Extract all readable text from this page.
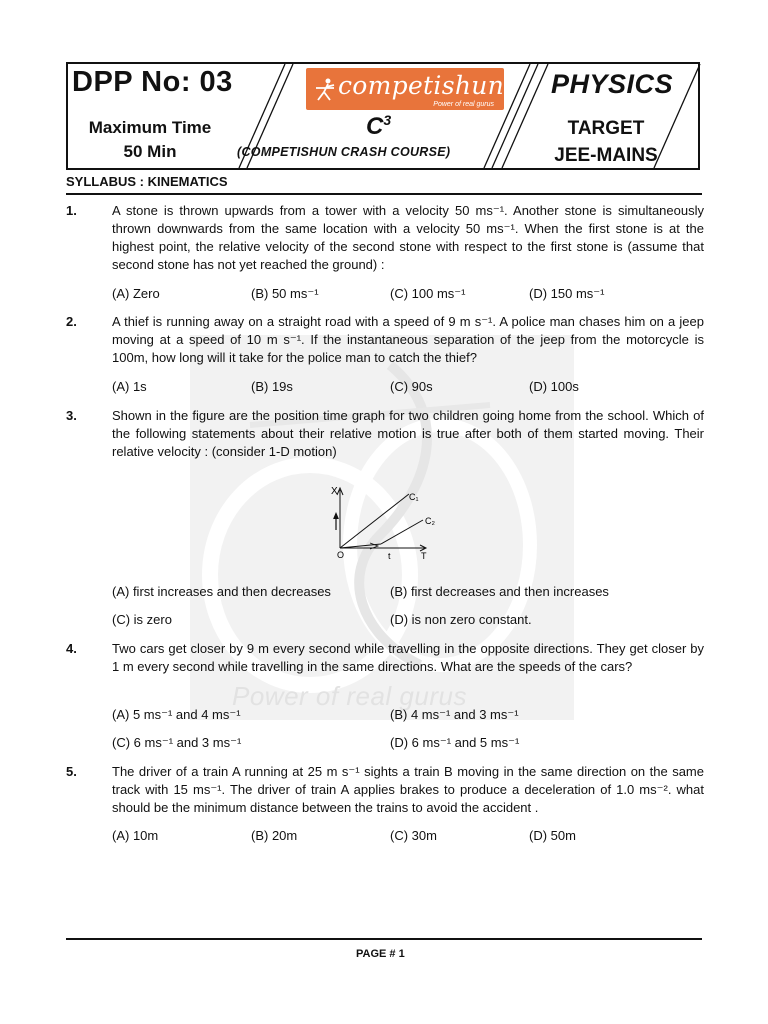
Power of real gurus
DPP No: 03
Maximum Time
50 Min
competishun
Power of real gurus
$C^3$
(COMPETISHUN CRASH COURSE)
PHYSICS
TARGET
JEE-MAINS
SYLLABUS : KINEMATICS
1.	A stone is thrown upwards from a tower with a velocity 50 ms⁻¹. Another stone is simultaneously thrown downwards from the same location with a velocity 50 ms⁻¹. When the first stone is at the highest point, the relative velocity of the second stone with respect to the first stone is (assume that second stone has not yet reached the ground) :
(A) Zero	(B) 50 ms⁻¹	(C) 100 ms⁻¹	(D) 150 ms⁻¹
2.	A thief is running away on a straight road with a speed of 9 m s⁻¹. A police man chases him on a jeep moving at a speed of 10 m s⁻¹. If the instantaneous separation of the jeep from the motorcycle is 100m, how long will it take for the police man to catch the thief?
(A) 1s	(B) 19s	(C) 90s	(D) 100s
3.	Shown in the figure are the position time graph for two children going home from the school. Which of the following statements about their relative motion is true after both of them started moving. Their relative velocity : (consider 1-D motion)
X
O	t	T
C₁
C₂
(A) first increases and then decreases	(B) first decreases and then increases
(C) is zero	(D) is non zero constant.
4.	Two cars get closer by 9 m every second while travelling in the opposite directions. They get closer by 1 m every second while travelling in the same directions. What are the speeds of the cars?
(A) 5 ms⁻¹ and 4 ms⁻¹	(B) 4 ms⁻¹ and 3 ms⁻¹
(C) 6 ms⁻¹ and 3 ms⁻¹	(D) 6 ms⁻¹ and 5 ms⁻¹
5.	The driver of a train A running at 25 m s⁻¹ sights a train B moving in the same direction on the same track with 15 ms⁻¹. The driver of train A applies brakes to produce a deceleration of 1.0 ms⁻². what should be the minimum distance between the trains to avoid the accident .
(A) 10m	(B) 20m	(C) 30m	(D) 50m
PAGE # 1
